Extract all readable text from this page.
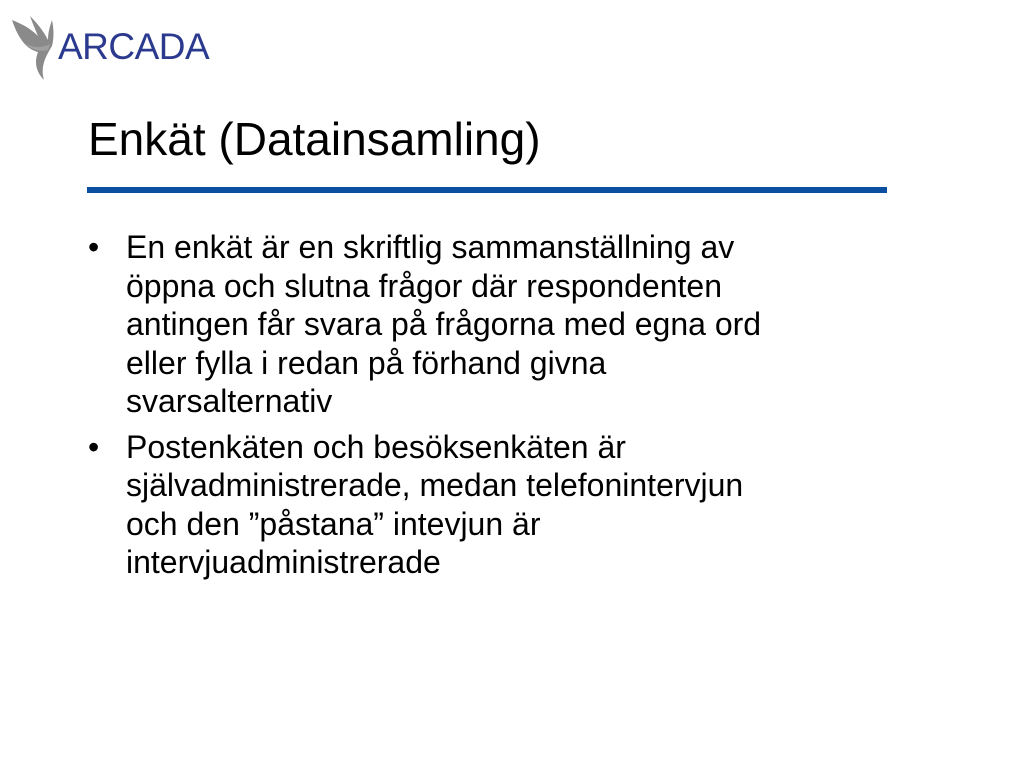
ARCADA
Enkät (Datainsamling)
• En enkät är en skriftlig sammanställning av
öppna och slutna frågor där respondenten
antingen får svara på frågorna med egna ord
eller fylla i redan på förhand givna
svarsalternativ
• Postenkäten och besöksenkäten är
självadministrerade, medan telefonintervjun
och den ”påstana” intevjun är
intervjuadministrerade
